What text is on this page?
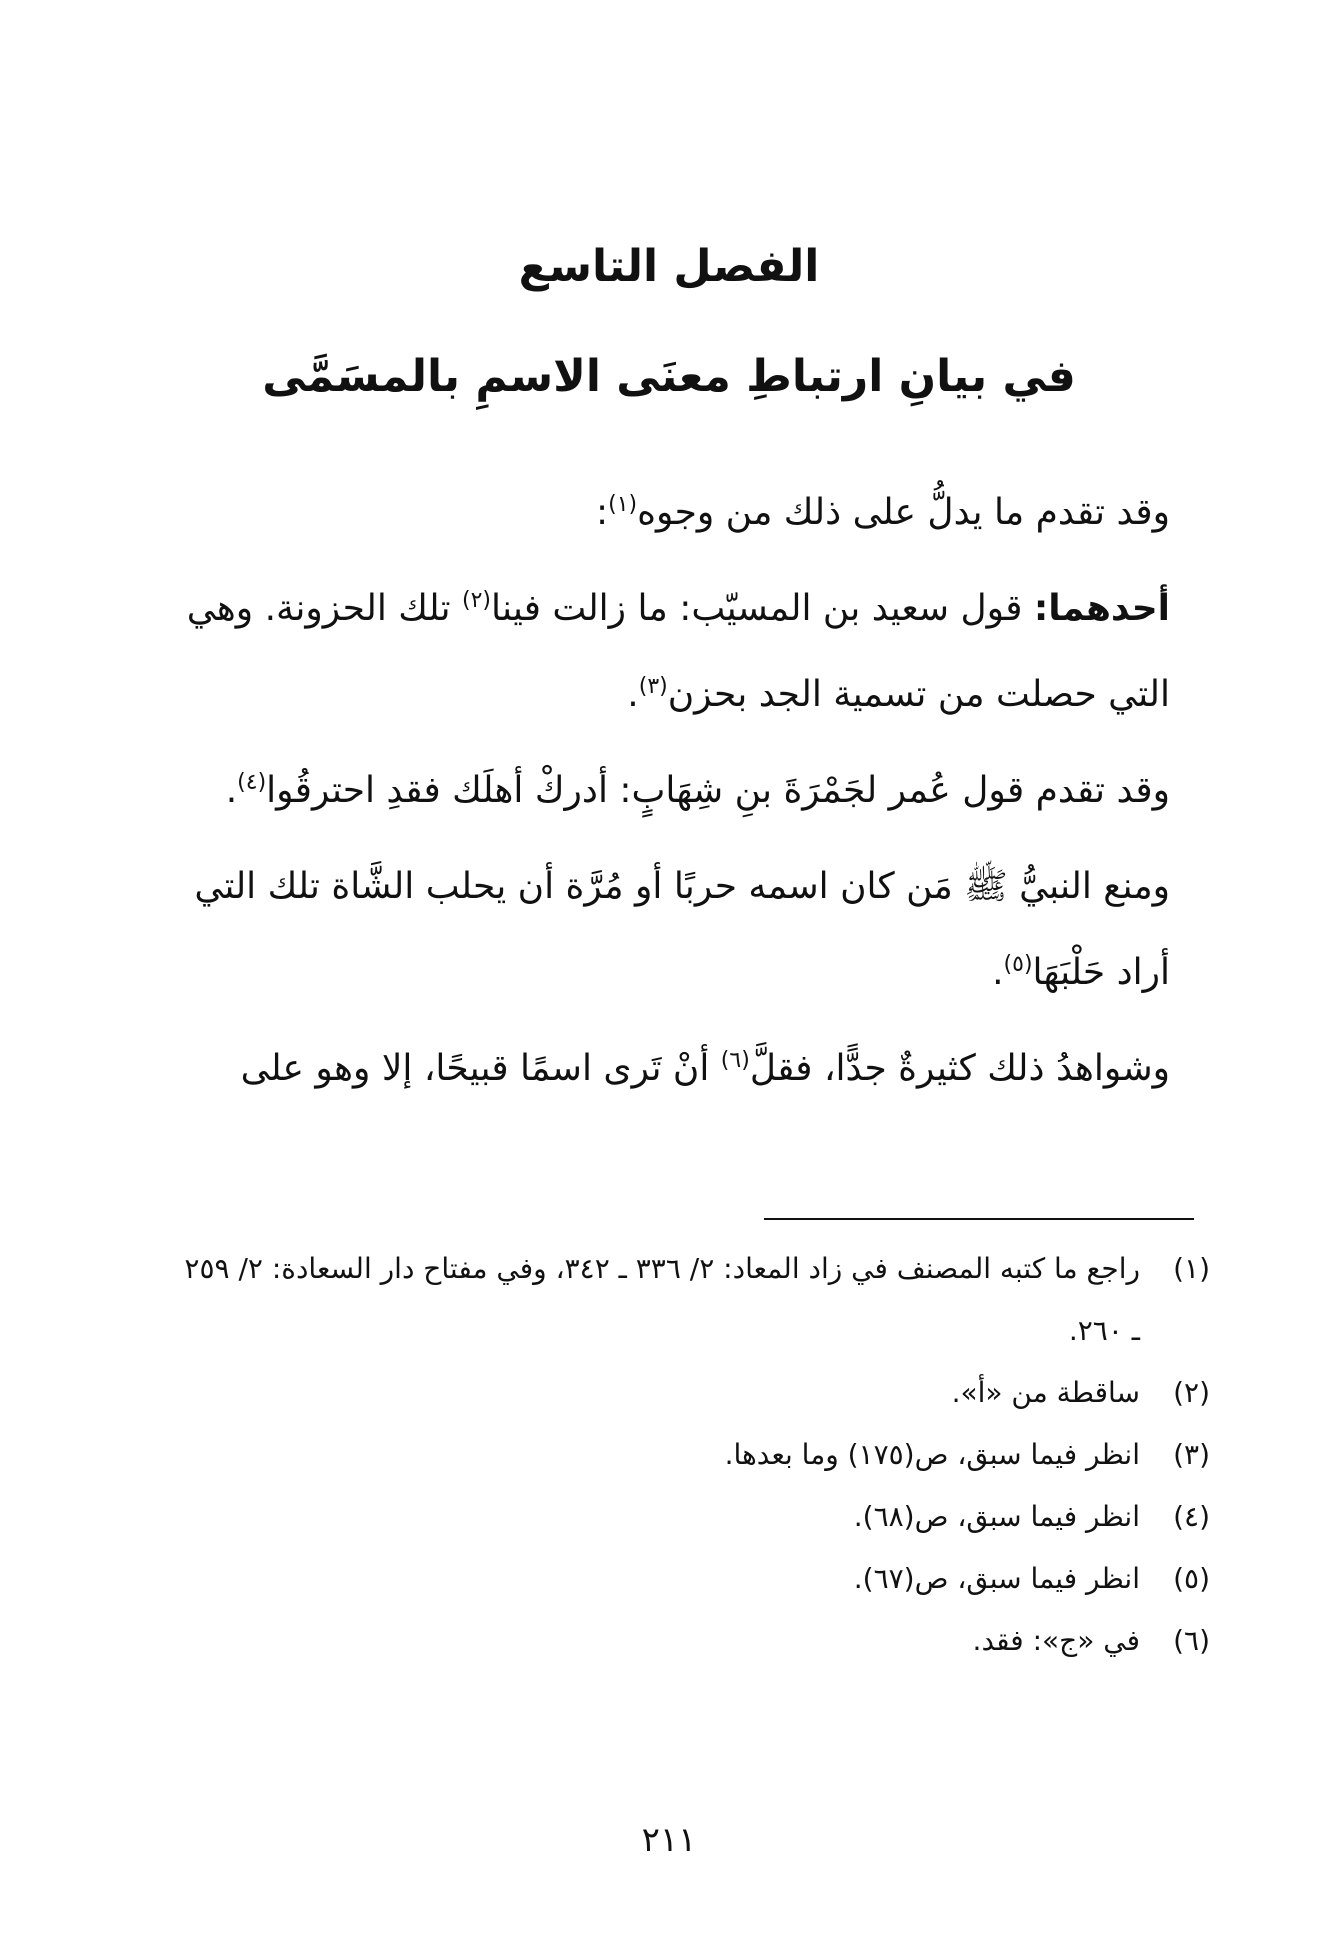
الفصل التاسع
في بيانِ ارتباطِ معنَى الاسمِ بالمسَمَّى

وقد تقدم ما يدلُّ على ذلك من وجوه$^{(١)}$:

أحدهما: قول سعيد بن المسيّب: ما زالت فينا$^{(٢)}$ تلك الحزونة. وهي التي حصلت من تسمية الجد بحزن$^{(٣)}$.

وقد تقدم قول عُمر لجَمْرَةَ بنِ شِهَابٍ: أدركْ أهلَك فقدِ احترقُوا$^{(٤)}$.

ومنع النبيُّ ﷺ مَن كان اسمه حربًا أو مُرَّة أن يحلب الشَّاة تلك التي أراد حَلْبَهَا$^{(٥)}$.

وشواهدُ ذلك كثيرةٌ جدًّا، فقلَّ$^{(٦)}$ أنْ تَرى اسمًا قبيحًا، إلا وهو على

(١)
راجع ما كتبه المصنف في زاد المعاد: ٢/ ٣٣٦ ـ ٣٤٢، وفي مفتاح دار السعادة: ٢/ ٢٥٩ ـ ٢٦٠.
(٢)
ساقطة من «أ».
(٣)
انظر فيما سبق، ص(١٧٥) وما بعدها.
(٤)
انظر فيما سبق، ص(٦٨).
(٥)
انظر فيما سبق، ص(٦٧).
(٦)
في «ج»: فقد.
٢١١
